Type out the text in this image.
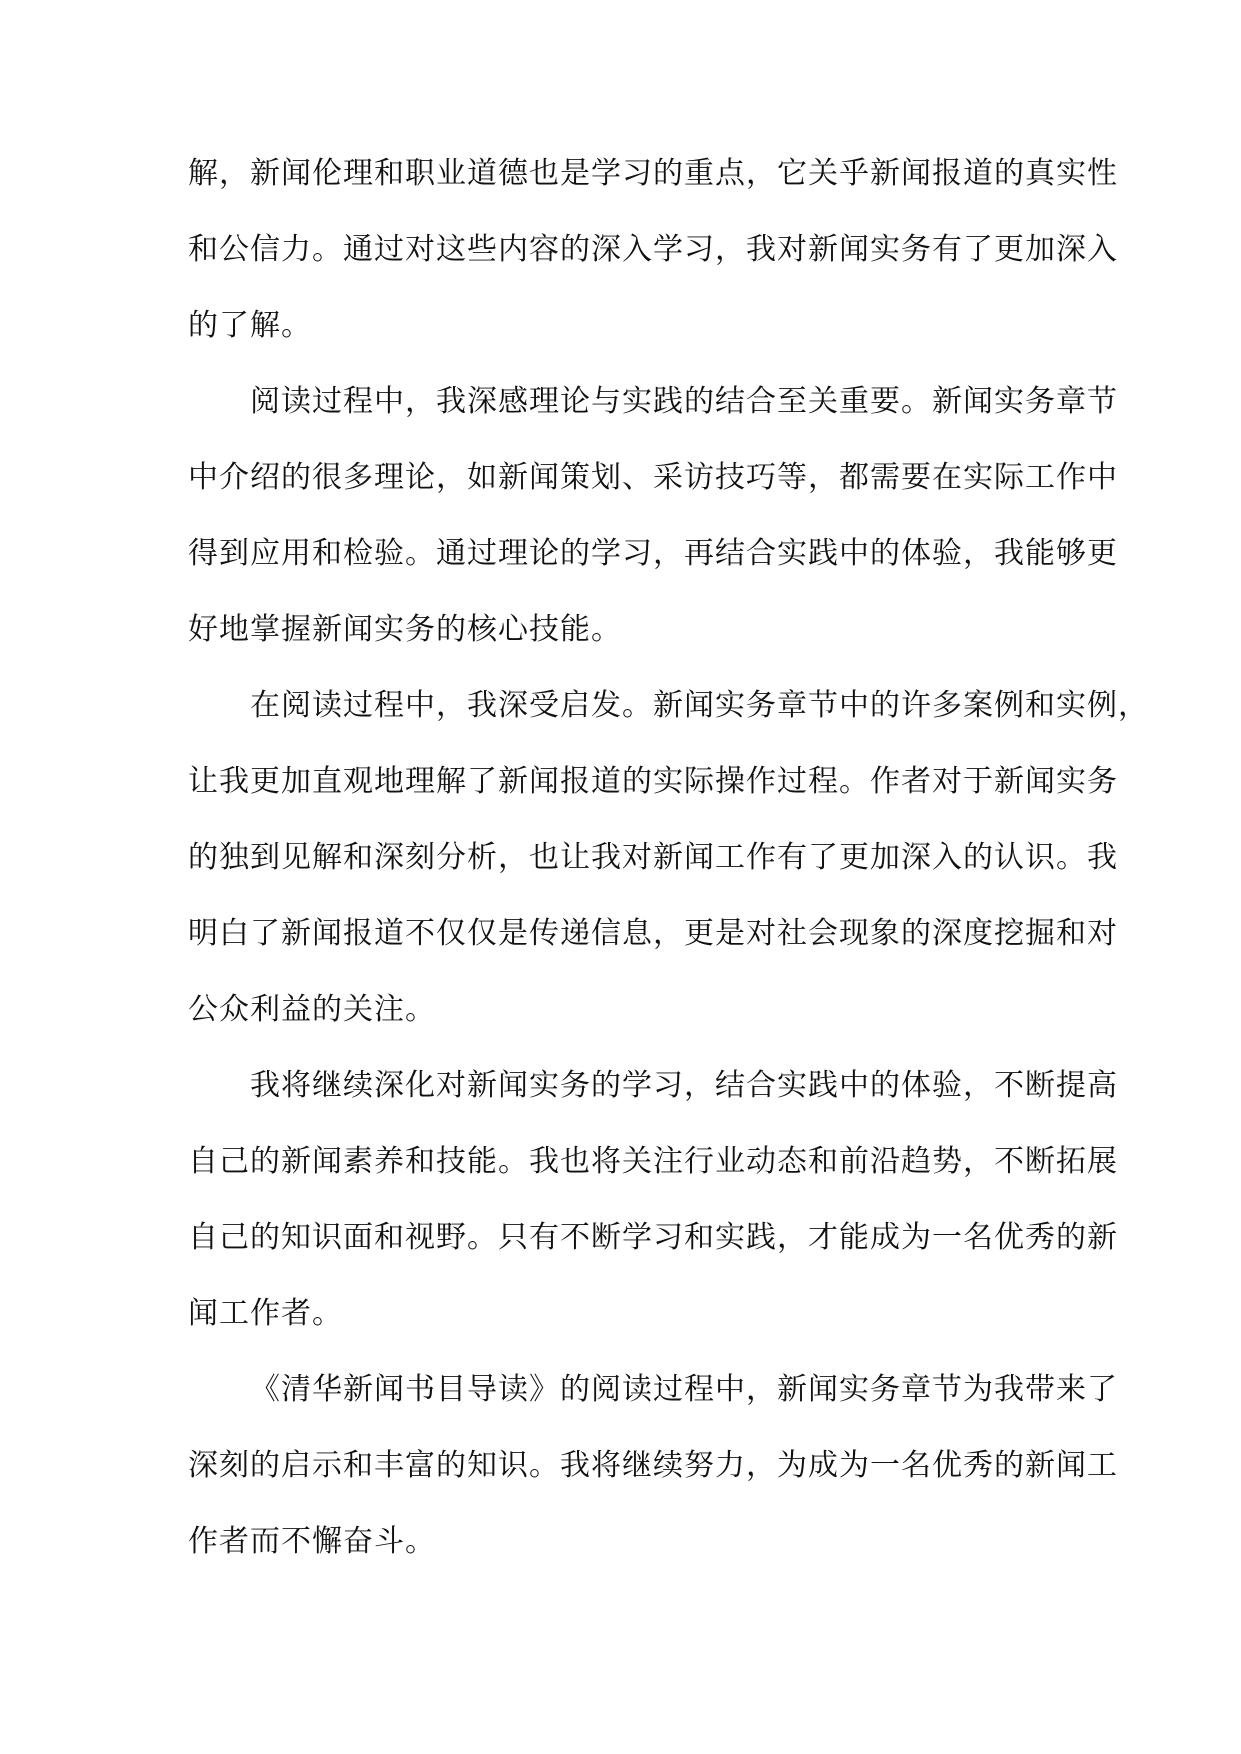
解，新闻伦理和职业道德也是学习的重点，它关乎新闻报道的真实性
和公信力。通过对这些内容的深入学习，我对新闻实务有了更加深入
的了解。
阅读过程中，我深感理论与实践的结合至关重要。新闻实务章节
中介绍的很多理论，如新闻策划、采访技巧等，都需要在实际工作中
得到应用和检验。通过理论的学习，再结合实践中的体验，我能够更
好地掌握新闻实务的核心技能。
在阅读过程中，我深受启发。新闻实务章节中的许多案例和实例，
让我更加直观地理解了新闻报道的实际操作过程。作者对于新闻实务
的独到见解和深刻分析，也让我对新闻工作有了更加深入的认识。我
明白了新闻报道不仅仅是传递信息，更是对社会现象的深度挖掘和对
公众利益的关注。
我将继续深化对新闻实务的学习，结合实践中的体验，不断提高
自己的新闻素养和技能。我也将关注行业动态和前沿趋势，不断拓展
自己的知识面和视野。只有不断学习和实践，才能成为一名优秀的新
闻工作者。
《清华新闻书目导读》的阅读过程中，新闻实务章节为我带来了
深刻的启示和丰富的知识。我将继续努力，为成为一名优秀的新闻工
作者而不懈奋斗。
